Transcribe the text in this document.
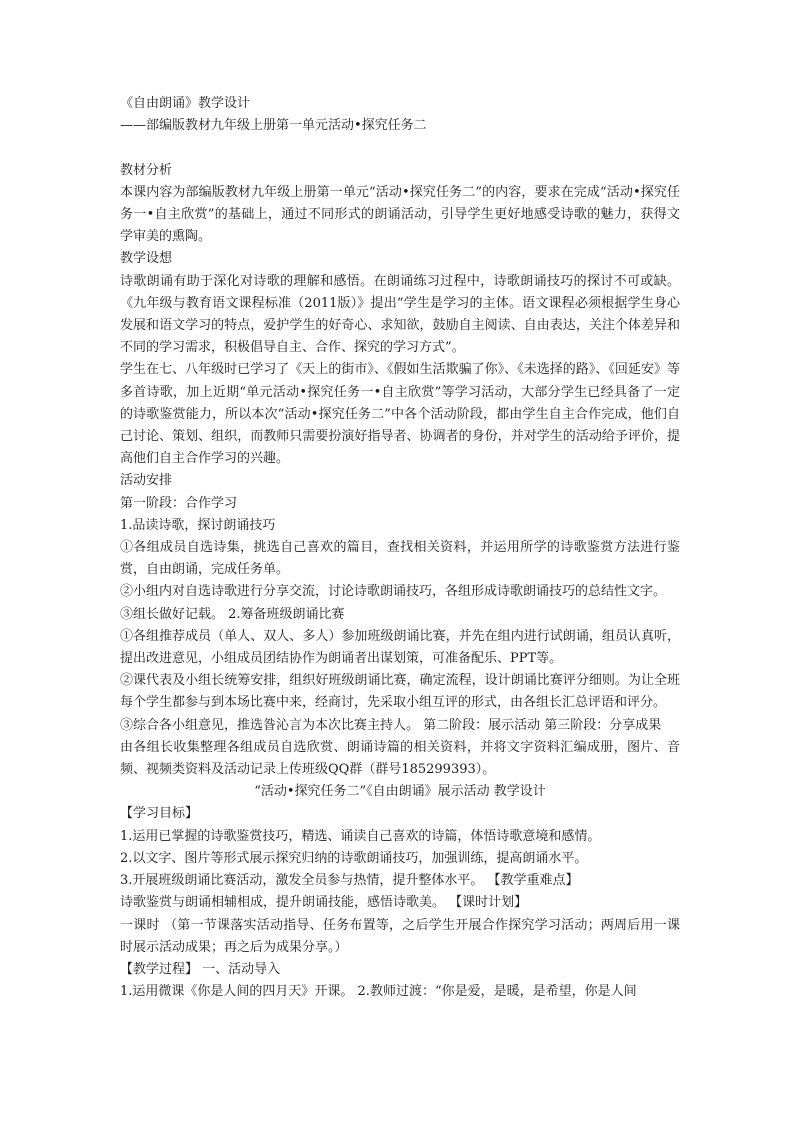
《自由朗诵》教学设计

——部编版教材九年级上册第一单元活动•探究任务二

教材分析

本课内容为部编版教材九年级上册第一单元“活动•探究任务二”的内容，要求在完成“活动•探究任务一•自主欣赏”的基础上，通过不同形式的朗诵活动，引导学生更好地感受诗歌的魅力，获得文学审美的熏陶。

教学设想

诗歌朗诵有助于深化对诗歌的理解和感悟。在朗诵练习过程中，诗歌朗诵技巧的探讨不可或缺。《九年级与教育语文课程标准（2011版）》提出“学生是学习的主体。语文课程必须根据学生身心发展和语文学习的特点，爱护学生的好奇心、求知欲，鼓励自主阅读、自由表达，关注个体差异和不同的学习需求，积极倡导自主、合作、探究的学习方式”。

学生在七、八年级时已学习了《天上的街市》、《假如生活欺骗了你》、《未选择的路》、《回延安》等多首诗歌，加上近期“单元活动•探究任务一•自主欣赏”等学习活动，大部分学生已经具备了一定的诗歌鉴赏能力，所以本次“活动•探究任务二”中各个活动阶段，都由学生自主合作完成，他们自己讨论、策划、组织，而教师只需要扮演好指导者、协调者的身份，并对学生的活动给予评价，提高他们自主合作学习的兴趣。

活动安排

第一阶段：合作学习

1.品读诗歌，探讨朗诵技巧

①各组成员自选诗集，挑选自己喜欢的篇目，查找相关资料，并运用所学的诗歌鉴赏方法进行鉴赏，自由朗诵，完成任务单。

②小组内对自选诗歌进行分享交流，讨论诗歌朗诵技巧，各组形成诗歌朗诵技巧的总结性文字。

③组长做好记载。 2.筹备班级朗诵比赛

①各组推荐成员（单人、双人、多人）参加班级朗诵比赛，并先在组内进行试朗诵，组员认真听，提出改进意见，小组成员团结协作为朗诵者出谋划策，可准备配乐、PPT等。

②课代表及小组长统筹安排，组织好班级朗诵比赛，确定流程，设计朗诵比赛评分细则。为让全班每个学生都参与到本场比赛中来，经商讨，先采取小组互评的形式，由各组长汇总评语和评分。

③综合各小组意见，推选昝沁言为本次比赛主持人。 第二阶段：展示活动 第三阶段：分享成果

由各组长收集整理各组成员自选欣赏、朗诵诗篇的相关资料，并将文字资料汇编成册，图片、音频、视频类资料及活动记录上传班级QQ群（群号185299393）。

“活动•探究任务二”《自由朗诵》展示活动 教学设计

【学习目标】

1.运用已掌握的诗歌鉴赏技巧，精选、诵读自己喜欢的诗篇，体悟诗歌意境和感情。

2.以文字、图片等形式展示探究归纳的诗歌朗诵技巧，加强训练，提高朗诵水平。

3.开展班级朗诵比赛活动，激发全员参与热情，提升整体水平。 【教学重难点】

诗歌鉴赏与朗诵相辅相成，提升朗诵技能，感悟诗歌美。 【课时计划】

一课时 （第一节课落实活动指导、任务布置等，之后学生开展合作探究学习活动；两周后用一课时展示活动成果；再之后为成果分享。）

【教学过程】 一、活动导入

1.运用微课《你是人间的四月天》开课。 2.教师过渡：“你是爱，是暖，是希望，你是人间
